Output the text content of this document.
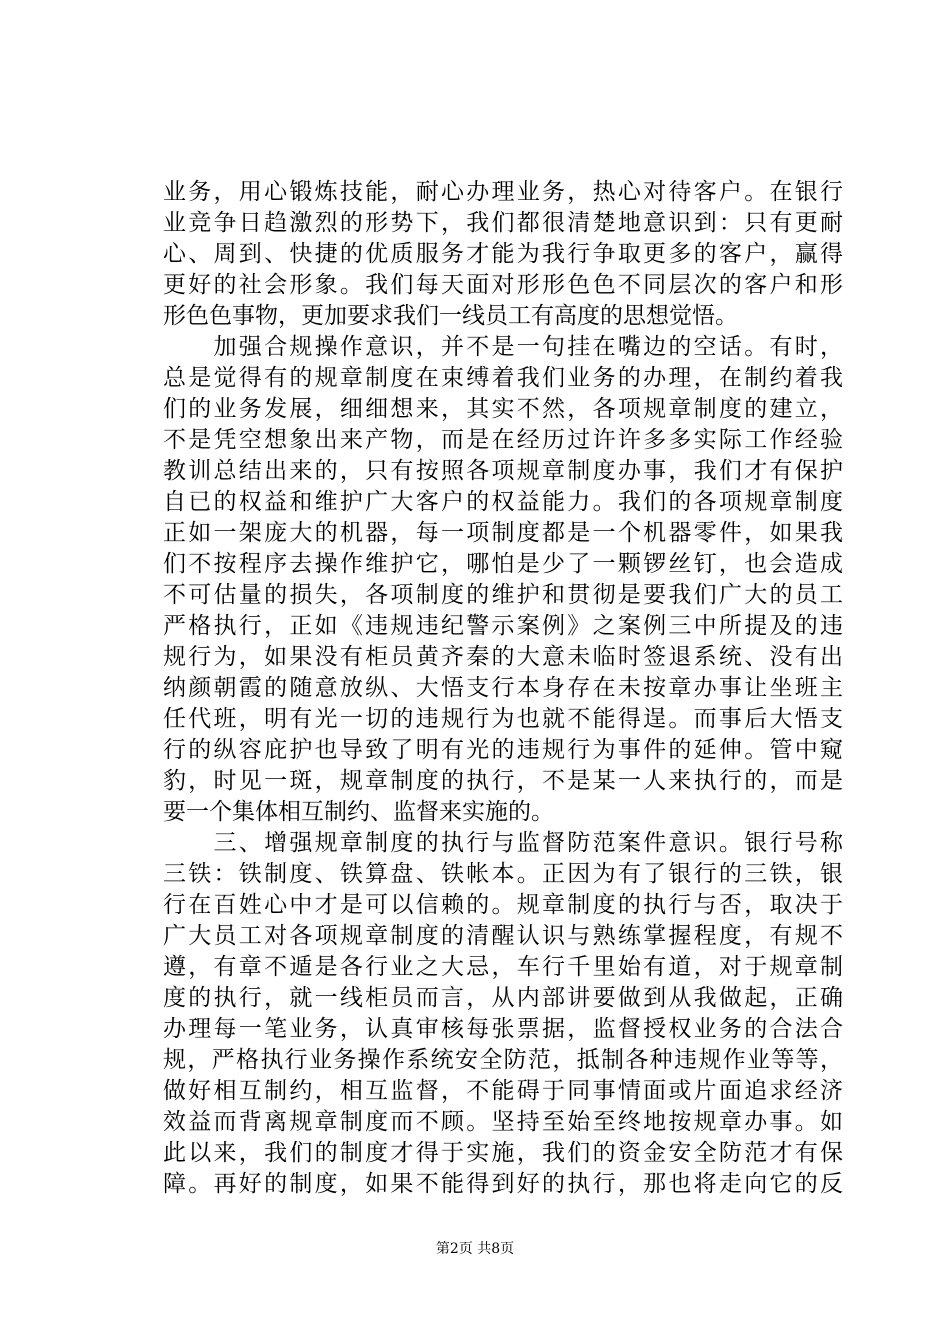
业务，用心锻炼技能，耐心办理业务，热心对待客户。在银行
业竞争日趋激烈的形势下，我们都很清楚地意识到：只有更耐
心、周到、快捷的优质服务才能为我行争取更多的客户，赢得
更好的社会形象。我们每天面对形形色色不同层次的客户和形
形色色事物，更加要求我们一线员工有高度的思想觉悟。
　　加强合规操作意识，并不是一句挂在嘴边的空话。有时，
总是觉得有的规章制度在束缚着我们业务的办理，在制约着我
们的业务发展，细细想来，其实不然，各项规章制度的建立，
不是凭空想象出来产物，而是在经历过许许多多实际工作经验
教训总结出来的，只有按照各项规章制度办事，我们才有保护
自已的权益和维护广大客户的权益能力。我们的各项规章制度
正如一架庞大的机器，每一项制度都是一个机器零件，如果我
们不按程序去操作维护它，哪怕是少了一颗锣丝钉，也会造成
不可估量的损失，各项制度的维护和贯彻是要我们广大的员工
严格执行，正如《违规违纪警示案例》之案例三中所提及的违
规行为，如果没有柜员黄齐秦的大意未临时签退系统、没有出
纳颜朝霞的随意放纵、大悟支行本身存在未按章办事让坐班主
任代班，明有光一切的违规行为也就不能得逞。而事后大悟支
行的纵容庇护也导致了明有光的违规行为事件的延伸。管中窥
豹，时见一斑，规章制度的执行，不是某一人来执行的，而是
要一个集体相互制约、监督来实施的。
　　三、增强规章制度的执行与监督防范案件意识。银行号称
三铁：铁制度、铁算盘、铁帐本。正因为有了银行的三铁，银
行在百姓心中才是可以信赖的。规章制度的执行与否，取决于
广大员工对各项规章制度的清醒认识与熟练掌握程度，有规不
遵，有章不遁是各行业之大忌，车行千里始有道，对于规章制
度的执行，就一线柜员而言，从内部讲要做到从我做起，正确
办理每一笔业务，认真审核每张票据，监督授权业务的合法合
规，严格执行业务操作系统安全防范，抵制各种违规作业等等，
做好相互制约，相互监督，不能碍于同事情面或片面追求经济
效益而背离规章制度而不顾。坚持至始至终地按规章办事。如
此以来，我们的制度才得于实施，我们的资金安全防范才有保
障。再好的制度，如果不能得到好的执行，那也将走向它的反
第2页 共8页
